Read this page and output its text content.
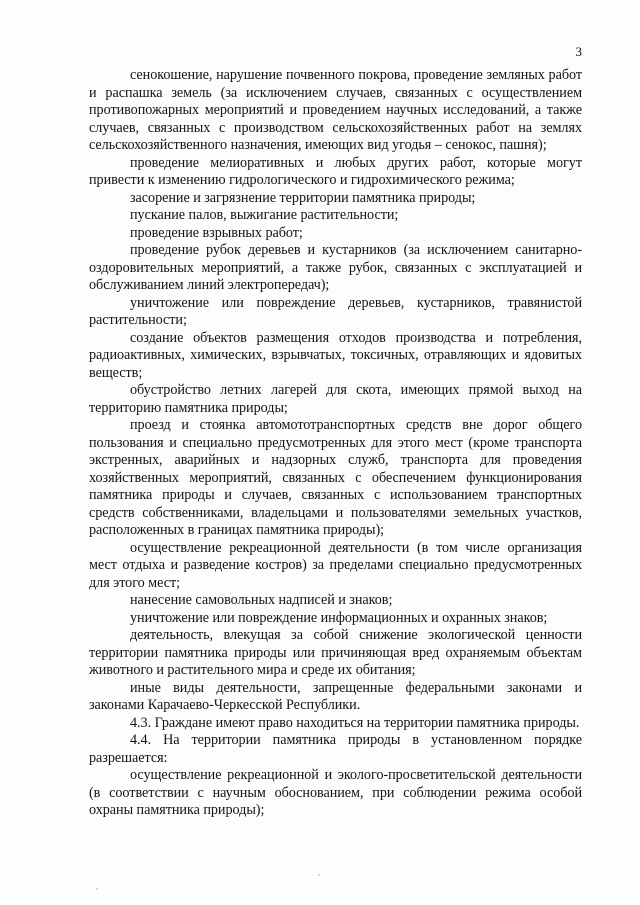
3

сенокошение, нарушение почвенного покрова, проведение земляных работ и распашка земель (за исключением случаев, связанных с осуществлением противопожарных мероприятий и проведением научных исследований, а также случаев, связанных с производством сельскохозяйственных работ на землях сельскохозяйственного назначения, имеющих вид угодья – сенокос, пашня);

проведение мелиоративных и любых других работ, которые могут привести к изменению гидрологического и гидрохимического режима;

засорение и загрязнение территории памятника природы;

пускание палов, выжигание растительности;

проведение взрывных работ;

проведение рубок деревьев и кустарников (за исключением санитарно-оздоровительных мероприятий, а также рубок, связанных с эксплуатацией и обслуживанием линий электропередач);

уничтожение или повреждение деревьев, кустарников, травянистой растительности;

создание объектов размещения отходов производства и потребления, радиоактивных, химических, взрывчатых, токсичных, отравляющих и ядовитых веществ;

обустройство летних лагерей для скота, имеющих прямой выход на территорию памятника природы;

проезд и стоянка автомототранспортных средств вне дорог общего пользования и специально предусмотренных для этого мест (кроме транспорта экстренных, аварийных и надзорных служб, транспорта для проведения хозяйственных мероприятий, связанных с обеспечением функционирования памятника природы и случаев, связанных с использованием транспортных средств собственниками, владельцами и пользователями земельных участков, расположенных в границах памятника природы);

осуществление рекреационной деятельности (в том числе организация мест отдыха и разведение костров) за пределами специально предусмотренных для этого мест;

нанесение самовольных надписей и знаков;

уничтожение или повреждение информационных и охранных знаков;

деятельность, влекущая за собой снижение экологической ценности территории памятника природы или причиняющая вред охраняемым объектам животного и растительного мира и среде их обитания;

иные виды деятельности, запрещенные федеральными законами и законами Карачаево-Черкесской Республики.

4.3. Граждане имеют право находиться на территории памятника природы.

4.4. На территории памятника природы в установленном порядке разрешается:

осуществление рекреационной и эколого-просветительской деятельности (в соответствии с научным обоснованием, при соблюдении режима особой охраны памятника природы);
